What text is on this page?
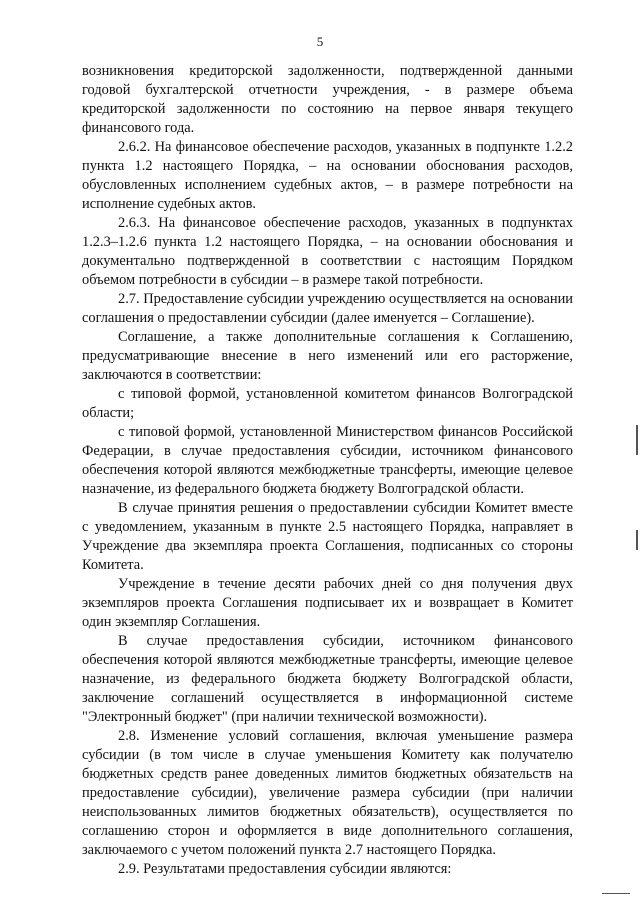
5

возникновения кредиторской задолженности, подтвержденной данными годовой бухгалтерской отчетности учреждения, - в размере объема кредиторской задолженности по состоянию на первое января текущего финансового года.

2.6.2. На финансовое обеспечение расходов, указанных в подпункте 1.2.2 пункта 1.2 настоящего Порядка, – на основании обоснования расходов, обусловленных исполнением судебных актов, – в размере потребности на исполнение судебных актов.

2.6.3. На финансовое обеспечение расходов, указанных в подпунктах 1.2.3–1.2.6 пункта 1.2 настоящего Порядка, – на основании обоснования и документально подтвержденной в соответствии с настоящим Порядком объемом потребности в субсидии – в размере такой потребности.

2.7. Предоставление субсидии учреждению осуществляется на основании соглашения о предоставлении субсидии (далее именуется – Соглашение).

Соглашение, а также дополнительные соглашения к Соглашению, предусматривающие внесение в него изменений или его расторжение, заключаются в соответствии:

с типовой формой, установленной комитетом финансов Волгоградской области;

с типовой формой, установленной Министерством финансов Российской Федерации, в случае предоставления субсидии, источником финансового обеспечения которой являются межбюджетные трансферты, имеющие целевое назначение, из федерального бюджета бюджету Волгоградской области.

В случае принятия решения о предоставлении субсидии Комитет вместе с уведомлением, указанным в пункте 2.5 настоящего Порядка, направляет в Учреждение два экземпляра проекта Соглашения, подписанных со стороны Комитета.

Учреждение в течение десяти рабочих дней со дня получения двух экземпляров проекта Соглашения подписывает их и возвращает в Комитет один экземпляр Соглашения.

В случае предоставления субсидии, источником финансового обеспечения которой являются межбюджетные трансферты, имеющие целевое назначение, из федерального бюджета бюджету Волгоградской области, заключение соглашений осуществляется в информационной системе "Электронный бюджет" (при наличии технической возможности).

2.8. Изменение условий соглашения, включая уменьшение размера субсидии (в том числе в случае уменьшения Комитету как получателю бюджетных средств ранее доведенных лимитов бюджетных обязательств на предоставление субсидии), увеличение размера субсидии (при наличии неиспользованных лимитов бюджетных обязательств), осуществляется по соглашению сторон и оформляется в виде дополнительного соглашения, заключаемого с учетом положений пункта 2.7 настоящего Порядка.

2.9. Результатами предоставления субсидии являются:
